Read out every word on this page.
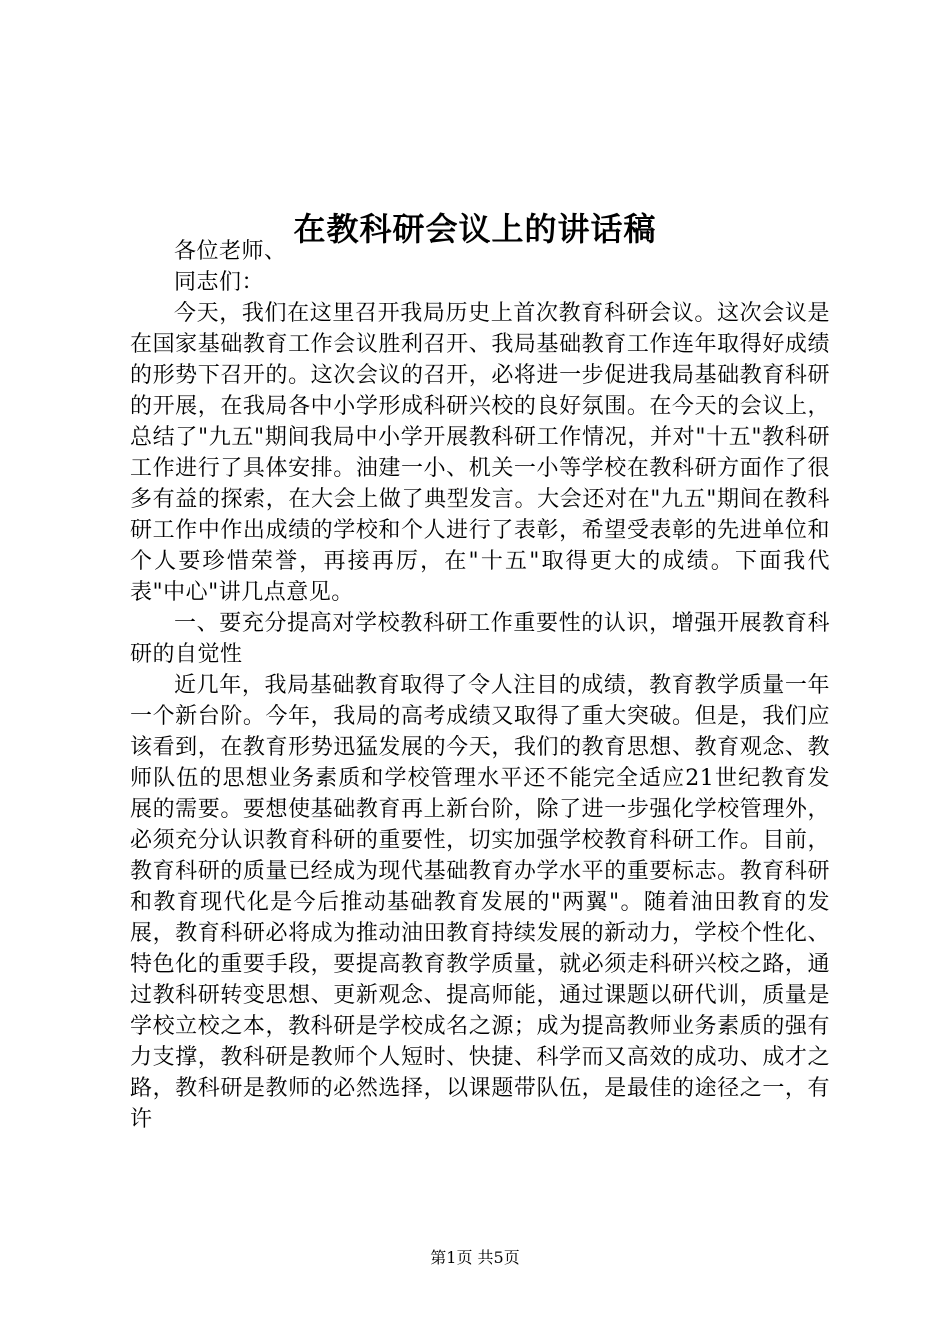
在教科研会议上的讲话稿

各位老师、

同志们：

今天，我们在这里召开我局历史上首次教育科研会议。这次会议是在国家基础教育工作会议胜利召开、我局基础教育工作连年取得好成绩的形势下召开的。这次会议的召开，必将进一步促进我局基础教育科研的开展，在我局各中小学形成科研兴校的良好氛围。在今天的会议上，总结了"九五"期间我局中小学开展教科研工作情况，并对"十五"教科研工作进行了具体安排。油建一小、机关一小等学校在教科研方面作了很多有益的探索，在大会上做了典型发言。大会还对在"九五"期间在教科研工作中作出成绩的学校和个人进行了表彰，希望受表彰的先进单位和个人要珍惜荣誉，再接再厉，在"十五"取得更大的成绩。下面我代表"中心"讲几点意见。

一、要充分提高对学校教科研工作重要性的认识，增强开展教育科研的自觉性

近几年，我局基础教育取得了令人注目的成绩，教育教学质量一年一个新台阶。今年，我局的高考成绩又取得了重大突破。但是，我们应该看到，在教育形势迅猛发展的今天，我们的教育思想、教育观念、教师队伍的思想业务素质和学校管理水平还不能完全适应21世纪教育发展的需要。要想使基础教育再上新台阶，除了进一步强化学校管理外，必须充分认识教育科研的重要性，切实加强学校教育科研工作。目前，教育科研的质量已经成为现代基础教育办学水平的重要标志。教育科研和教育现代化是今后推动基础教育发展的"两翼"。随着油田教育的发展，教育科研必将成为推动油田教育持续发展的新动力，学校个性化、特色化的重要手段，要提高教育教学质量，就必须走科研兴校之路，通过教科研转变思想、更新观念、提高师能，通过课题以研代训，质量是学校立校之本，教科研是学校成名之源；成为提高教师业务素质的强有力支撑，教科研是教师个人短时、快捷、科学而又高效的成功、成才之路，教科研是教师的必然选择，以课题带队伍，是最佳的途径之一，有许

第1页 共5页
